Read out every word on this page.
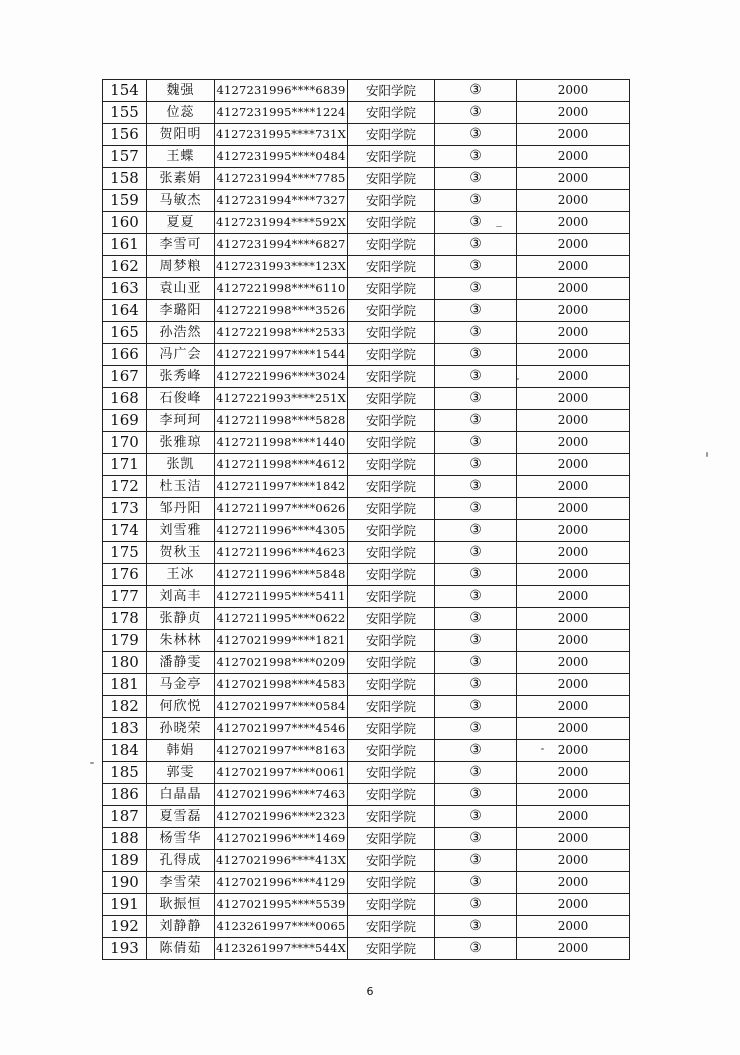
154	魏强	4127231996****6839	安阳学院	③	2000
155	位蕊	4127231995****1224	安阳学院	③	2000
156	贺阳明	4127231995****731X	安阳学院	③	2000
157	王蝶	4127231995****0484	安阳学院	③	2000
158	张素娟	4127231994****7785	安阳学院	③	2000
159	马敏杰	4127231994****7327	安阳学院	③	2000
160	夏夏	4127231994****592X	安阳学院	③	2000
161	李雪可	4127231994****6827	安阳学院	③	2000
162	周梦粮	4127231993****123X	安阳学院	③	2000
163	袁山亚	4127221998****6110	安阳学院	③	2000
164	李璐阳	4127221998****3526	安阳学院	③	2000
165	孙浩然	4127221998****2533	安阳学院	③	2000
166	冯广会	4127221997****1544	安阳学院	③	2000
167	张秀峰	4127221996****3024	安阳学院	③	2000
168	石俊峰	4127221993****251X	安阳学院	③	2000
169	李珂珂	4127211998****5828	安阳学院	③	2000
170	张雅琼	4127211998****1440	安阳学院	③	2000
171	张凯	4127211998****4612	安阳学院	③	2000
172	杜玉洁	4127211997****1842	安阳学院	③	2000
173	邹丹阳	4127211997****0626	安阳学院	③	2000
174	刘雪雅	4127211996****4305	安阳学院	③	2000
175	贺秋玉	4127211996****4623	安阳学院	③	2000
176	王冰	4127211996****5848	安阳学院	③	2000
177	刘高丰	4127211995****5411	安阳学院	③	2000
178	张静贞	4127211995****0622	安阳学院	③	2000
179	朱林林	4127021999****1821	安阳学院	③	2000
180	潘静雯	4127021998****0209	安阳学院	③	2000
181	马金亭	4127021998****4583	安阳学院	③	2000
182	何欣悦	4127021997****0584	安阳学院	③	2000
183	孙晓荣	4127021997****4546	安阳学院	③	2000
184	韩娟	4127021997****8163	安阳学院	③	2000
185	郭雯	4127021997****0061	安阳学院	③	2000
186	白晶晶	4127021996****7463	安阳学院	③	2000
187	夏雪磊	4127021996****2323	安阳学院	③	2000
188	杨雪华	4127021996****1469	安阳学院	③	2000
189	孔得成	4127021996****413X	安阳学院	③	2000
190	李雪荣	4127021996****4129	安阳学院	③	2000
191	耿振恒	4127021995****5539	安阳学院	③	2000
192	刘静静	4123261997****0065	安阳学院	③	2000
193	陈倩茹	4123261997****544X	安阳学院	③	2000
6
